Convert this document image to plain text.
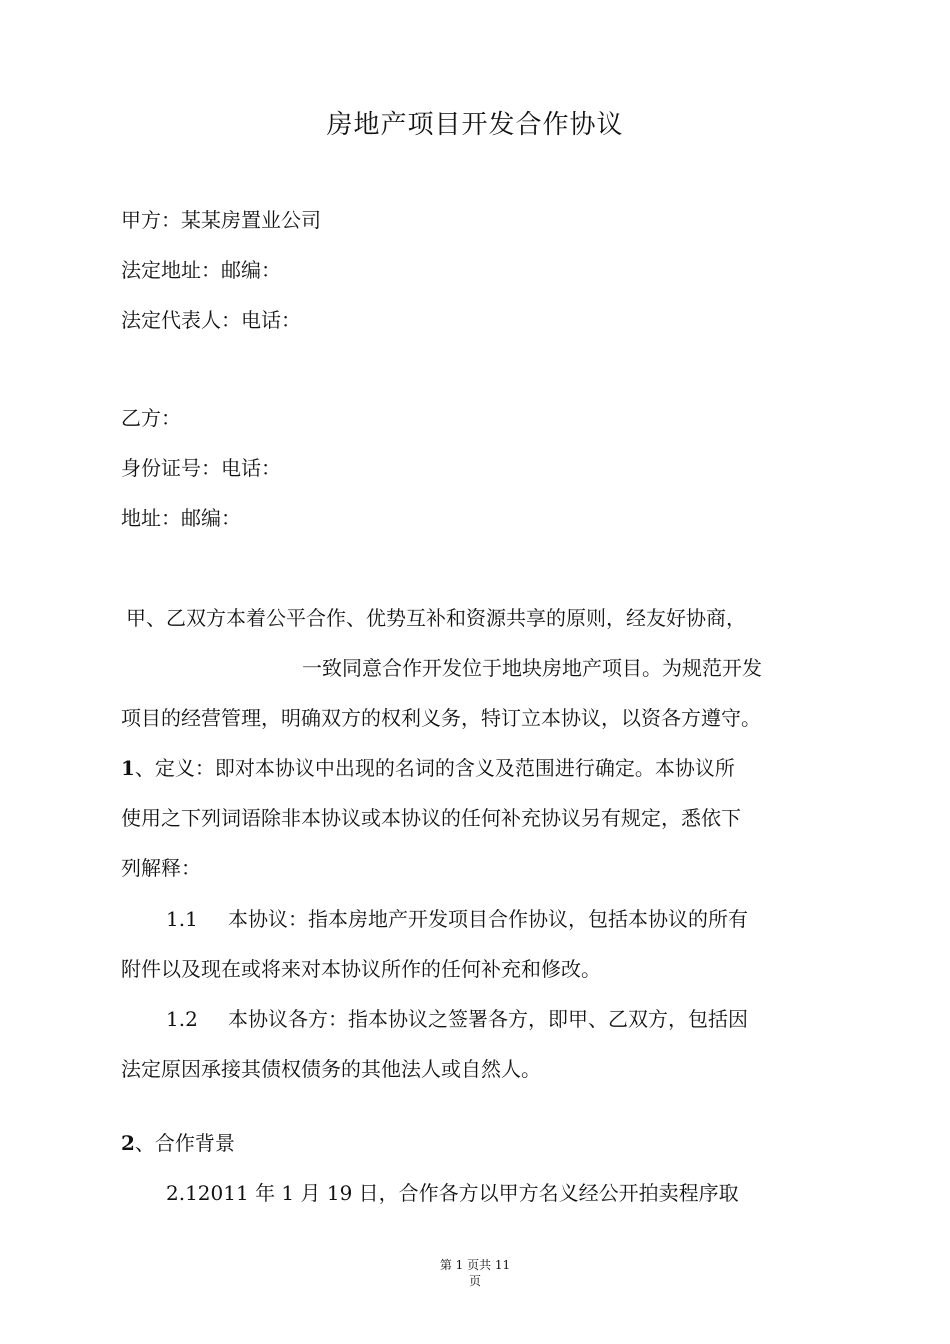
房地产项目开发合作协议
甲方：某某房置业公司
法定地址：邮编：
法定代表人：电话：
乙方：
身份证号：电话：
地址：邮编：
甲、乙双方本着公平合作、优势互补和资源共享的原则，经友好协商，
一致同意合作开发位于地块房地产项目。为规范开发
项目的经营管理，明确双方的权利义务，特订立本协议，以资各方遵守。
1、定义：即对本协议中出现的名词的含义及范围进行确定。本协议所
使用之下列词语除非本协议或本协议的任何补充协议另有规定，悉依下
列解释：
1.1 本协议：指本房地产开发项目合作协议，包括本协议的所有
附件以及现在或将来对本协议所作的任何补充和修改。
1.2 本协议各方：指本协议之签署各方，即甲、乙双方，包括因
法定原因承接其债权债务的其他法人或自然人。
2、合作背景
2.12011 年 1 月 19 日，合作各方以甲方名义经公开拍卖程序取
第 1 页共 11
页
